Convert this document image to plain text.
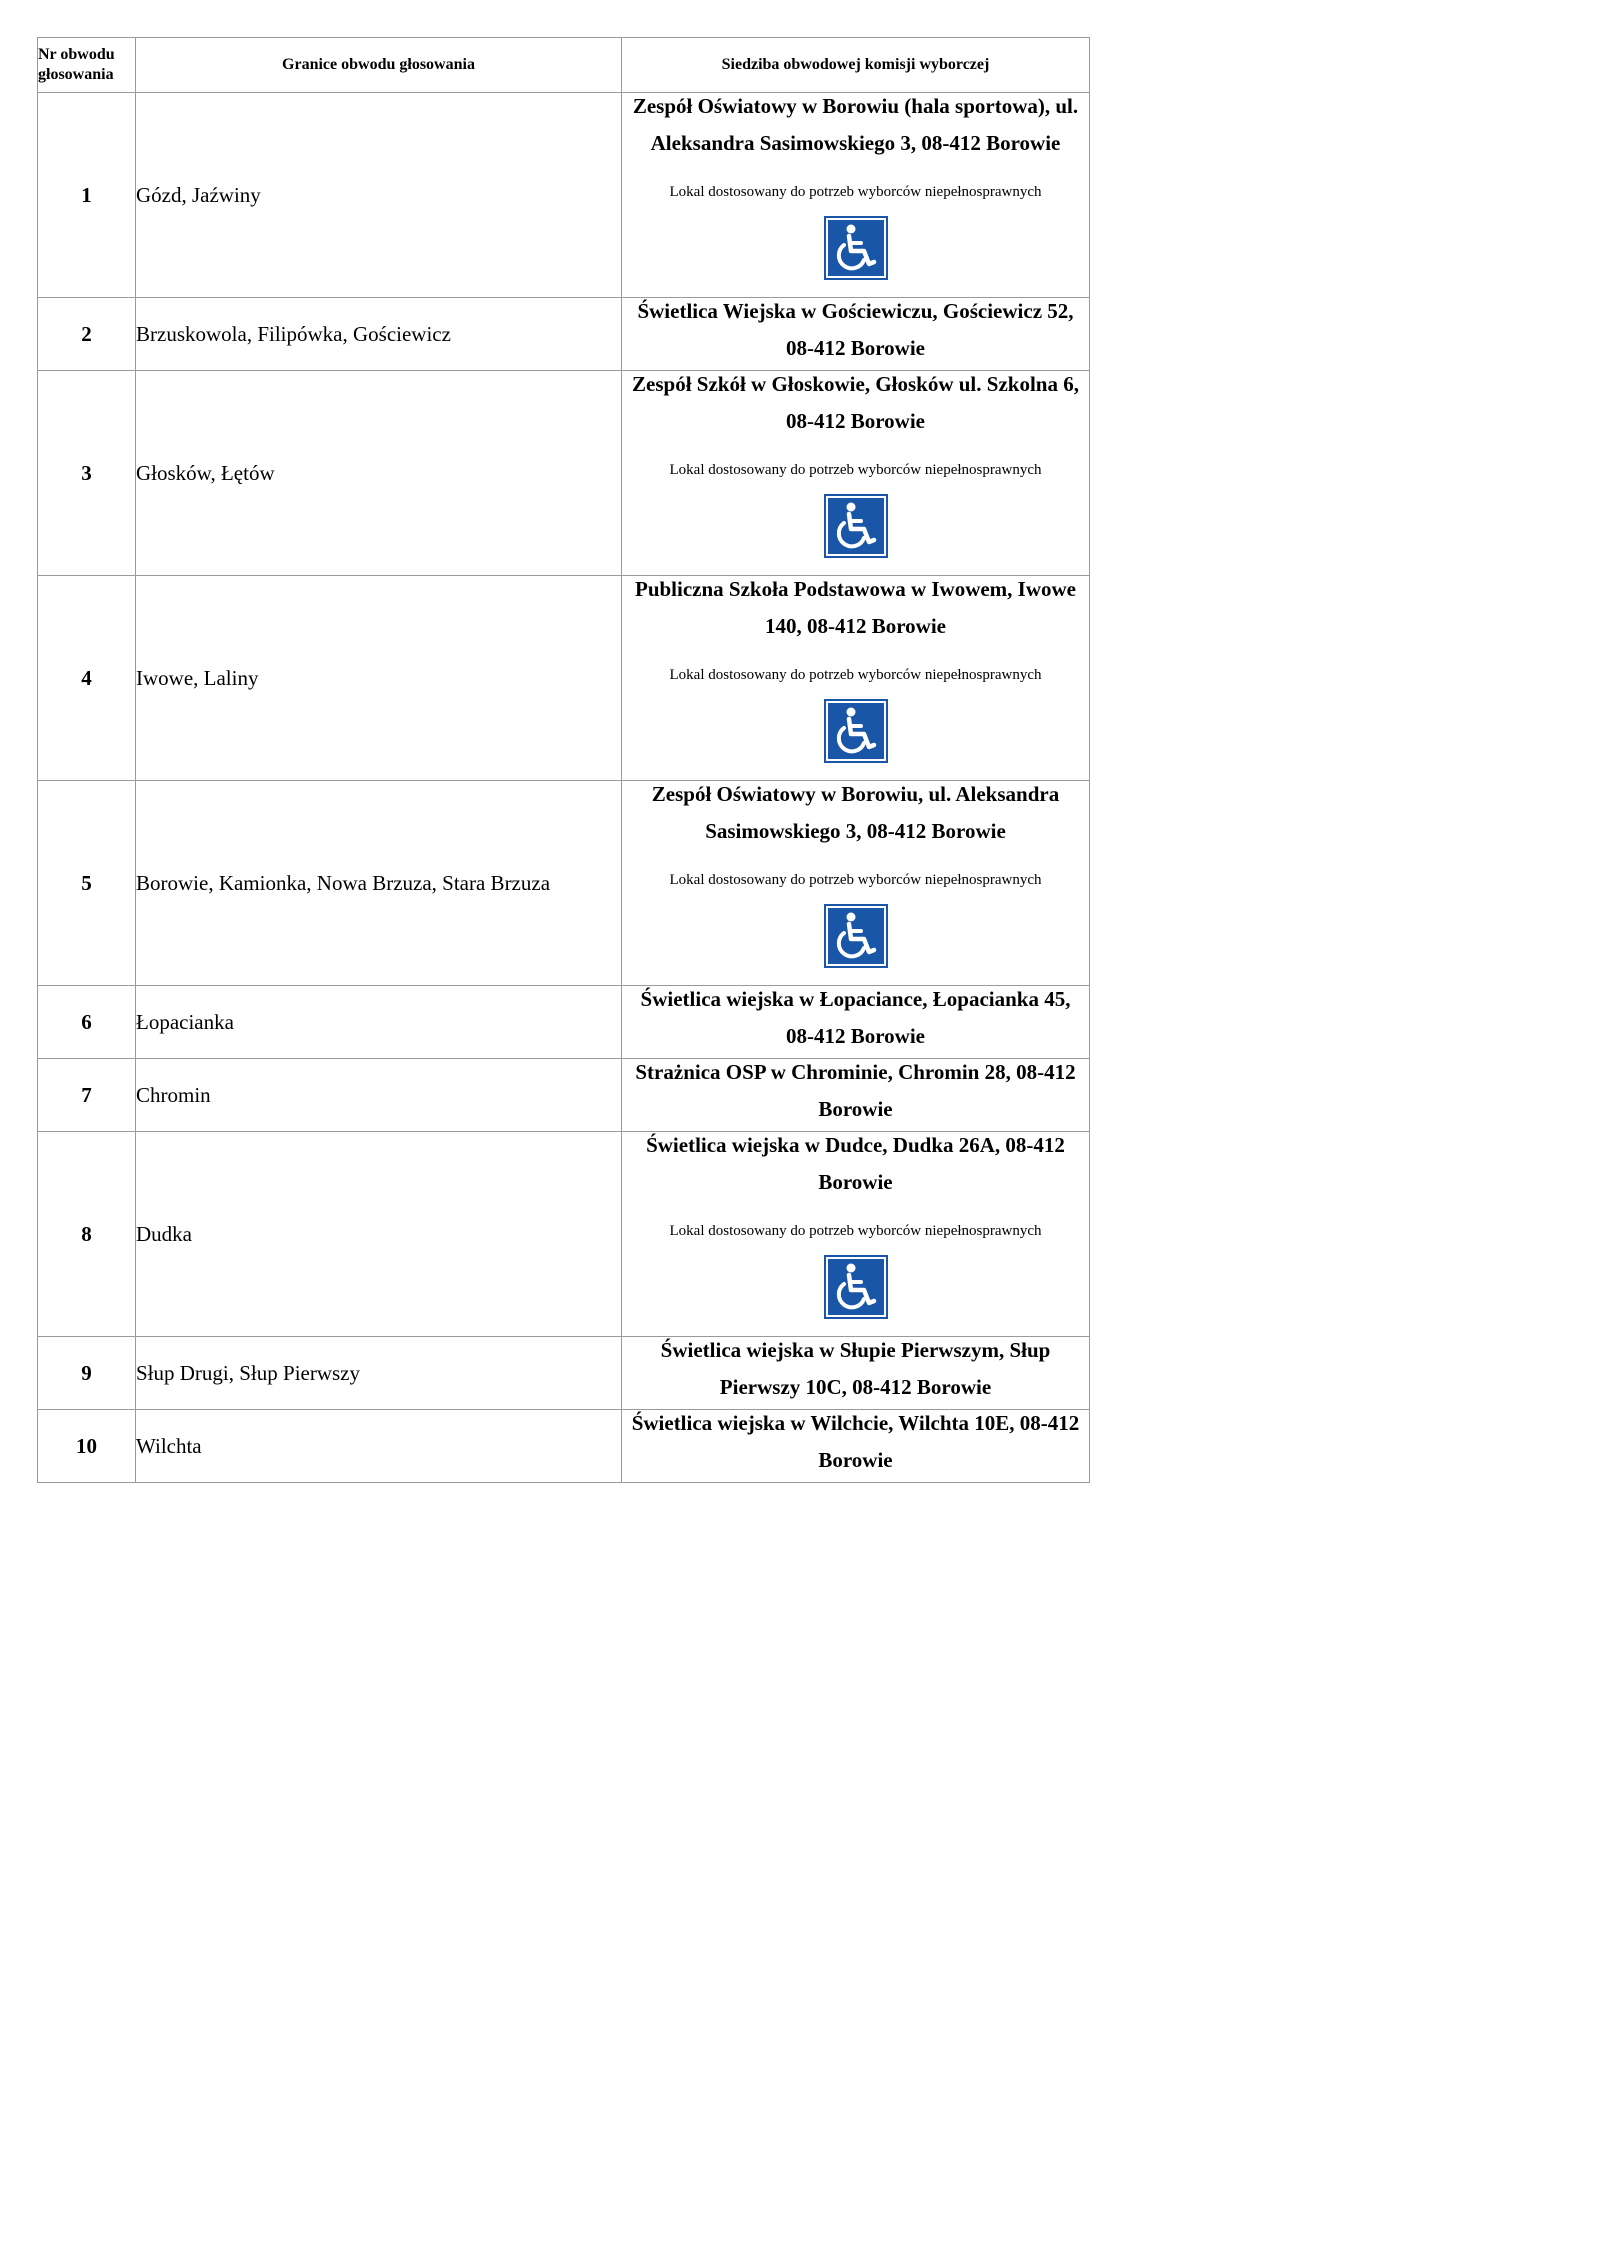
Nr obwodu głosowania	Granice obwodu głosowania	Siedziba obwodowej komisji wyborczej
1	Gózd, Jaźwiny	Zespół Oświatowy w Borowiu (hala sportowa), ul. Aleksandra Sasimowskiego 3, 08-412 Borowie
Lokal dostosowany do potrzeb wyborców niepełnosprawnych

2	Brzuskowola, Filipówka, Gościewicz	Świetlica Wiejska w Gościewiczu, Gościewicz 52, 08-412 Borowie

3	Głosków, Łętów	Zespół Szkół w Głoskowie, Głosków ul. Szkolna 6, 08-412 Borowie
Lokal dostosowany do potrzeb wyborców niepełnosprawnych

4	Iwowe, Laliny	Publiczna Szkoła Podstawowa w Iwowem, Iwowe 140, 08-412 Borowie
Lokal dostosowany do potrzeb wyborców niepełnosprawnych

5	Borowie, Kamionka, Nowa Brzuza, Stara Brzuza	Zespół Oświatowy w Borowiu, ul. Aleksandra Sasimowskiego 3, 08-412 Borowie
Lokal dostosowany do potrzeb wyborców niepełnosprawnych

6	Łopacianka	Świetlica wiejska w Łopaciance, Łopacianka 45, 08-412 Borowie

7	Chromin	Strażnica OSP w Chrominie, Chromin 28, 08-412 Borowie

8	Dudka	Świetlica wiejska w Dudce, Dudka 26A, 08-412 Borowie
Lokal dostosowany do potrzeb wyborców niepełnosprawnych

9	Słup Drugi, Słup Pierwszy	Świetlica wiejska w Słupie Pierwszym, Słup Pierwszy 10C, 08-412 Borowie

10	Wilchta	Świetlica wiejska w Wilchcie, Wilchta 10E, 08-412 Borowie
